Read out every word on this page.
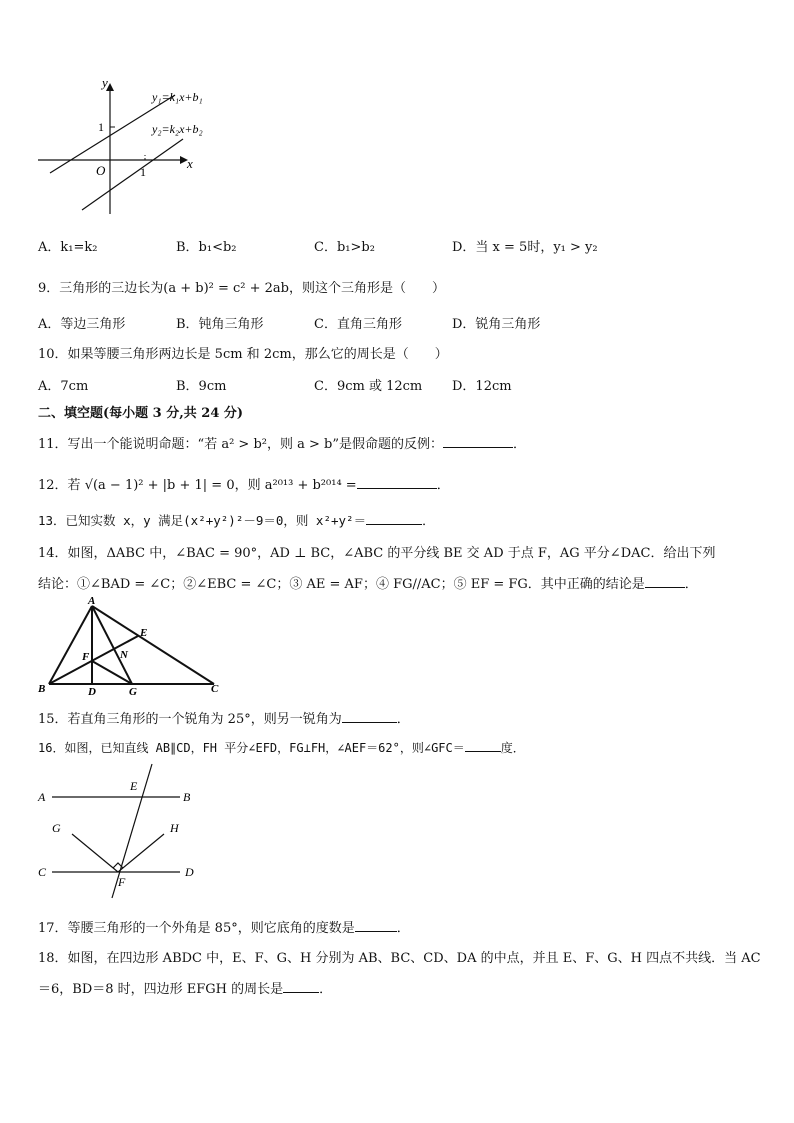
y
x
O
1
1
y₁=k₁x+b₁
y₂=k₂x+b₂
A．k₁=k₂	B．b₁<b₂	C．b₁>b₂	D．当 x = 5时，y₁ > y₂
9．三角形的三边长为(a + b)² = c² + 2ab，则这个三角形是（　　）
A．等边三角形	B．钝角三角形	C．直角三角形	D．锐角三角形
10．如果等腰三角形两边长是 5cm 和 2cm，那么它的周长是（　　）
A．7cm	B．9cm	C．9cm 或 12cm D．12cm
二、填空题(每小题 3 分,共 24 分)
11．写出一个能说明命题：“若 a² > b²，则 a > b”是假命题的反例：	．
12．若 √(a − 1)² + |b + 1| = 0，则 a²⁰¹³ + b²⁰¹⁴ =	．
13．已知实数 x，y 满足(x²+y²)²－9＝0，则 x²+y²＝	．
14．如图，ΔABC 中，∠BAC = 90°，AD ⊥ BC，∠ABC 的平分线 BE 交 AD 于点 F，AG 平分∠DAC．给出下列
结论：①∠BAD = ∠C；②∠EBC = ∠C；③ AE = AF；④ FG//AC；⑤ EF = FG．其中正确的结论是	．
A
B	C
D
E
F
G
N
15．若直角三角形的一个锐角为 25°，则另一锐角为	．
16．如图，已知直线 AB∥CD，FH 平分∠EFD，FG⊥FH，∠AEF＝62°，则∠GFC＝	度．
A	B
C	D
E
F
G	H
17．等腰三角形的一个外角是 85°，则它底角的度数是	．
18．如图，在四边形 ABDC 中，E、F、G、H 分别为 AB、BC、CD、DA 的中点，并且 E、F、G、H 四点不共线．当 AC
＝6，BD＝8 时，四边形 EFGH 的周长是	．
